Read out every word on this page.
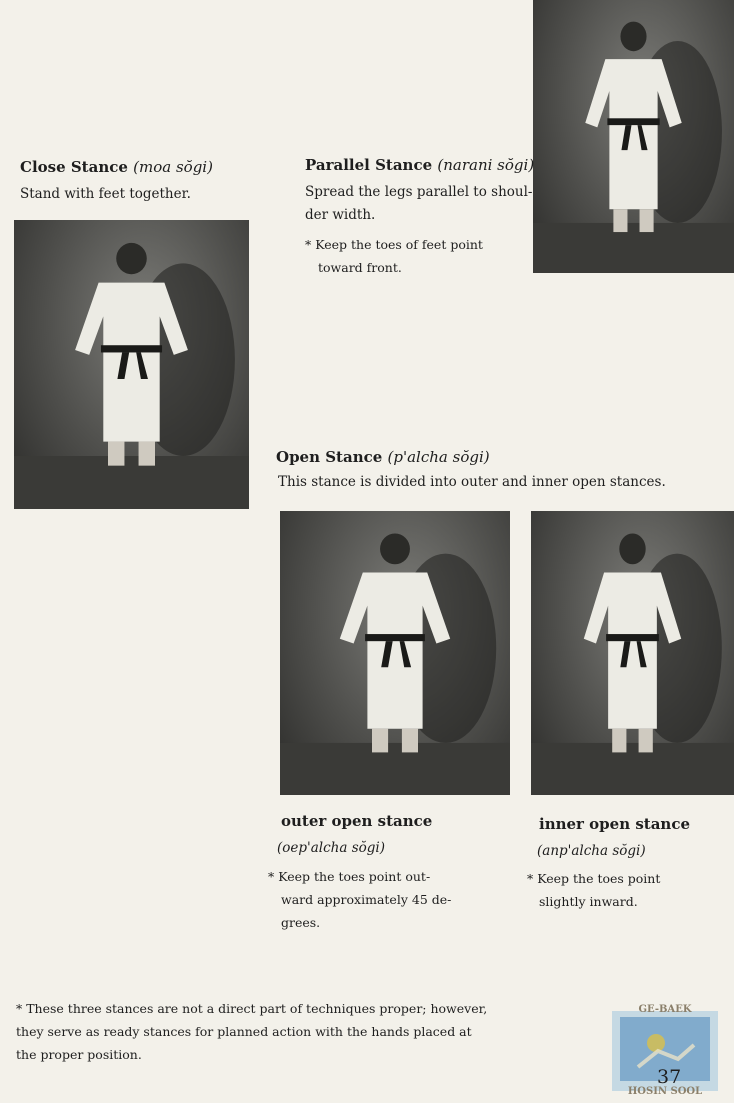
Close Stance (moa sŏgi)
Stand with feet together.
Parallel Stance (narani sŏgi)
Spread the legs parallel to shoul-
der width.
* Keep the toes of feet point
toward front.
Open Stance (p'alcha sŏgi)
This stance is divided into outer and inner open stances.
outer open stance
(oep'alcha sŏgi)
* Keep the toes point out-
ward approximately 45 de-
grees.
inner open stance
(anp'alcha sŏgi)
* Keep the toes point
slightly inward.
* These three stances are not a direct part of techniques proper; however,
they serve as ready stances for planned action with the hands placed at
the proper position.
GE-BAEK
HOSIN SOOL
37
